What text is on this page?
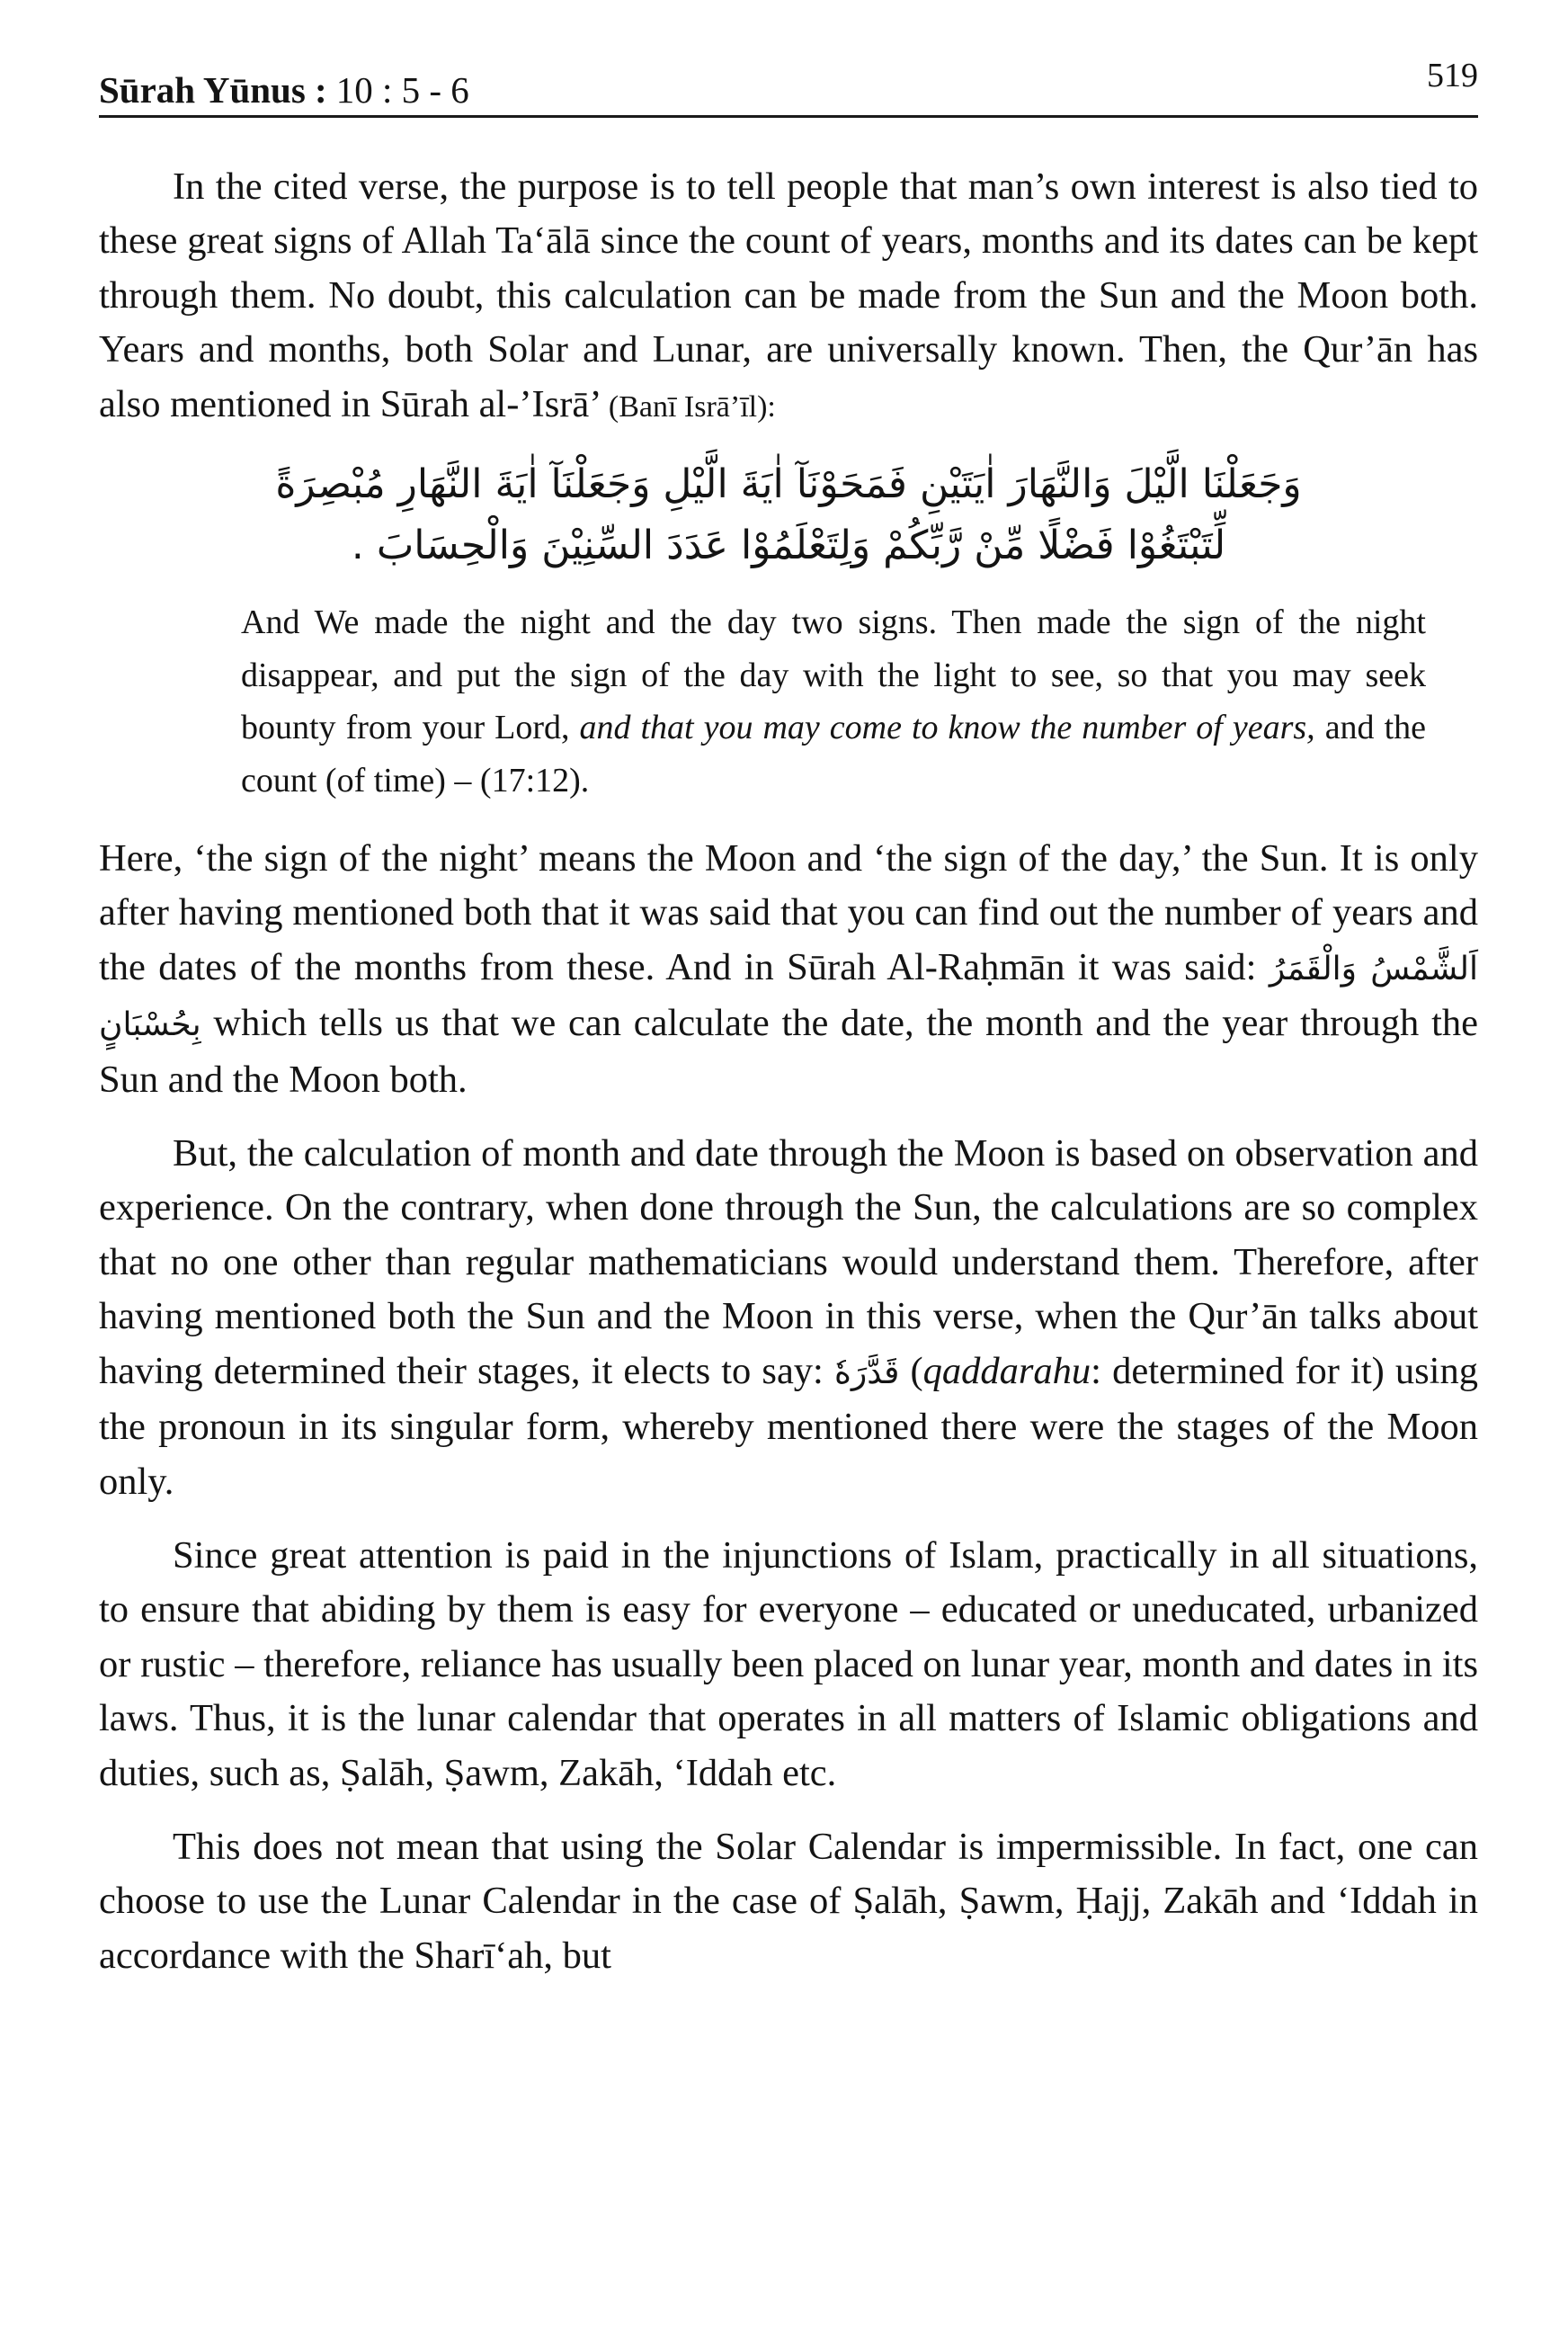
Sūrah Yūnus : 10 : 5 - 6	519

In the cited verse, the purpose is to tell people that man’s own interest is also tied to these great signs of Allah Ta‘ālā since the count of years, months and its dates can be kept through them. No doubt, this calculation can be made from the Sun and the Moon both. Years and months, both Solar and Lunar, are universally known. Then, the Qur’ān has also mentioned in Sūrah al-’Isrā’ (Banī Isrā’īl):

وَجَعَلْنَا الَّيْلَ وَالنَّهَارَ اٰيَتَيْنِ فَمَحَوْنَآ اٰيَةَ الَّيْلِ وَجَعَلْنَآ اٰيَةَ النَّهَارِ مُبْصِرَةً
لِّتَبْتَغُوْا فَضْلًا مِّنْ رَّبِّكُمْ وَلِتَعْلَمُوْا عَدَدَ السِّنِيْنَ وَالْحِسَابَ .
And We made the night and the day two signs. Then made the sign of the night disappear, and put the sign of the day with the light to see, so that you may seek bounty from your Lord, and that you may come to know the number of years, and the count (of time) – (17:12).

Here, ‘the sign of the night’ means the Moon and ‘the sign of the day,’ the Sun. It is only after having mentioned both that it was said that you can find out the number of years and the dates of the months from these. And in Sūrah Al-Raḥmān it was said: اَلشَّمْسُ وَالْقَمَرُ بِحُسْبَانٍ which tells us that we can calculate the date, the month and the year through the Sun and the Moon both.

But, the calculation of month and date through the Moon is based on observation and experience. On the contrary, when done through the Sun, the calculations are so complex that no one other than regular mathematicians would understand them. Therefore, after having mentioned both the Sun and the Moon in this verse, when the Qur’ān talks about having determined their stages, it elects to say: قَدَّرَهٗ (qaddarahu: determined for it) using the pronoun in its singular form, whereby mentioned there were the stages of the Moon only.

Since great attention is paid in the injunctions of Islam, practically in all situations, to ensure that abiding by them is easy for everyone – educated or uneducated, urbanized or rustic – therefore, reliance has usually been placed on lunar year, month and dates in its laws. Thus, it is the lunar calendar that operates in all matters of Islamic obligations and duties, such as, Ṣalāh, Ṣawm, Zakāh, ‘Iddah etc.

This does not mean that using the Solar Calendar is impermissible. In fact, one can choose to use the Lunar Calendar in the case of Ṣalāh, Ṣawm, Ḥajj, Zakāh and ‘Iddah in accordance with the Sharī‘ah, but
